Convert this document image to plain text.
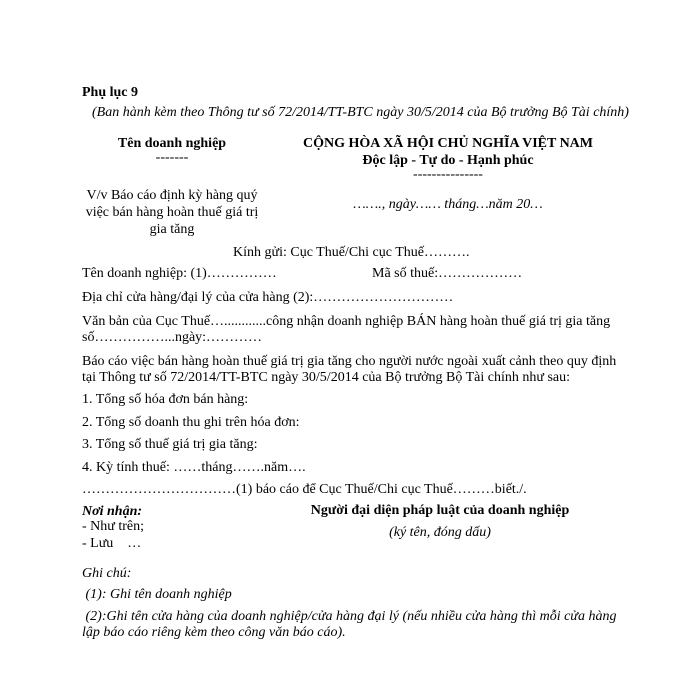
Phụ lục 9
(Ban hành kèm theo Thông tư số 72/2014/TT-BTC ngày 30/5/2014 của Bộ trưởng Bộ Tài chính)
Tên doanh nghiệp
-------
CỘNG HÒA XÃ HỘI CHỦ NGHĨA VIỆT NAM
Độc lập - Tự do - Hạnh phúc
---------------
V/v Báo cáo định kỳ hàng quý
việc bán hàng hoàn thuế giá trị
gia tăng
……., ngày…… tháng…năm 20…
Kính gửi: Cục Thuế/Chi cục Thuế……….
Tên doanh nghiệp: (1)……………	Mã số thuế:………………
Địa chỉ cửa hàng/đại lý của cửa hàng (2):…………………………
Văn bản của Cục Thuế…............công nhận doanh nghiệp BÁN hàng hoàn thuế giá trị gia tăng
số……………...ngày:…………
Báo cáo việc bán hàng hoàn thuế giá trị gia tăng cho người nước ngoài xuất cảnh theo quy định
tại Thông tư số 72/2014/TT-BTC ngày 30/5/2014 của Bộ trưởng Bộ Tài chính như sau:
1. Tổng số hóa đơn bán hàng:
2. Tổng số doanh thu ghi trên hóa đơn:
3. Tổng số thuế giá trị gia tăng:
4. Kỳ tính thuế: ……tháng…….năm….
……………………………(1) báo cáo để Cục Thuế/Chi cục Thuế………biết./.
Nơi nhận:
- Như trên;
- Lưu    …
Người đại diện pháp luật của doanh nghiệp
(ký tên, đóng dấu)
Ghi chú:
(1): Ghi tên doanh nghiệp
(2):Ghi tên cửa hàng của doanh nghiệp/cửa hàng đại lý (nếu nhiều cửa hàng thì mỗi cửa hàng
lập báo cáo riêng kèm theo công văn báo cáo).
